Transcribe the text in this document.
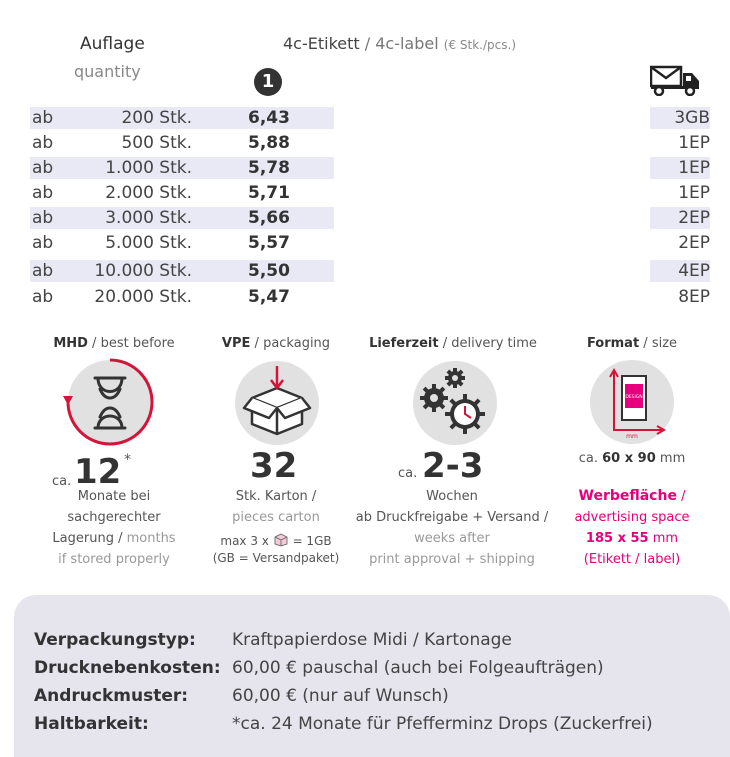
Auflage
quantity
4c-Etikett / 4c-label (€ Stk./pcs.)
1
ab	200 Stk.	6,43	3GB
ab	500 Stk.	5,88	1EP
ab	1.000 Stk.	5,78	1EP
ab	2.000 Stk.	5,71	1EP
ab	3.000 Stk.	5,66	2EP
ab	5.000 Stk.	5,57	2EP
ab 10.000 Stk.	5,50	4EP
ab 20.000 Stk.	5,47	8EP
MHD / best before
ca. 12 *
Monate bei
sachgerechter
Lagerung / months
if stored properly
VPE / packaging
32
Stk. Karton /
pieces carton
max 3 x = 1GB
(GB = Versandpaket)
Lieferzeit / delivery time
ca. 2-3
Wochen
ab Druckfreigabe + Versand /
weeks after
print approval + shipping
Format / size
DESIGN
mm
ca. 60 x 90 mm
Werbefläche /
advertising space
185 x 55 mm
(Etikett / label)
Verpackungstyp: Kraftpapierdose Midi / Kartonage
Drucknebenkosten: 60,00 € pauschal (auch bei Folgeaufträgen)
Andruckmuster:	60,00 € (nur auf Wunsch)
Haltbarkeit:	*ca. 24 Monate für Pfefferminz Drops (Zuckerfrei)
